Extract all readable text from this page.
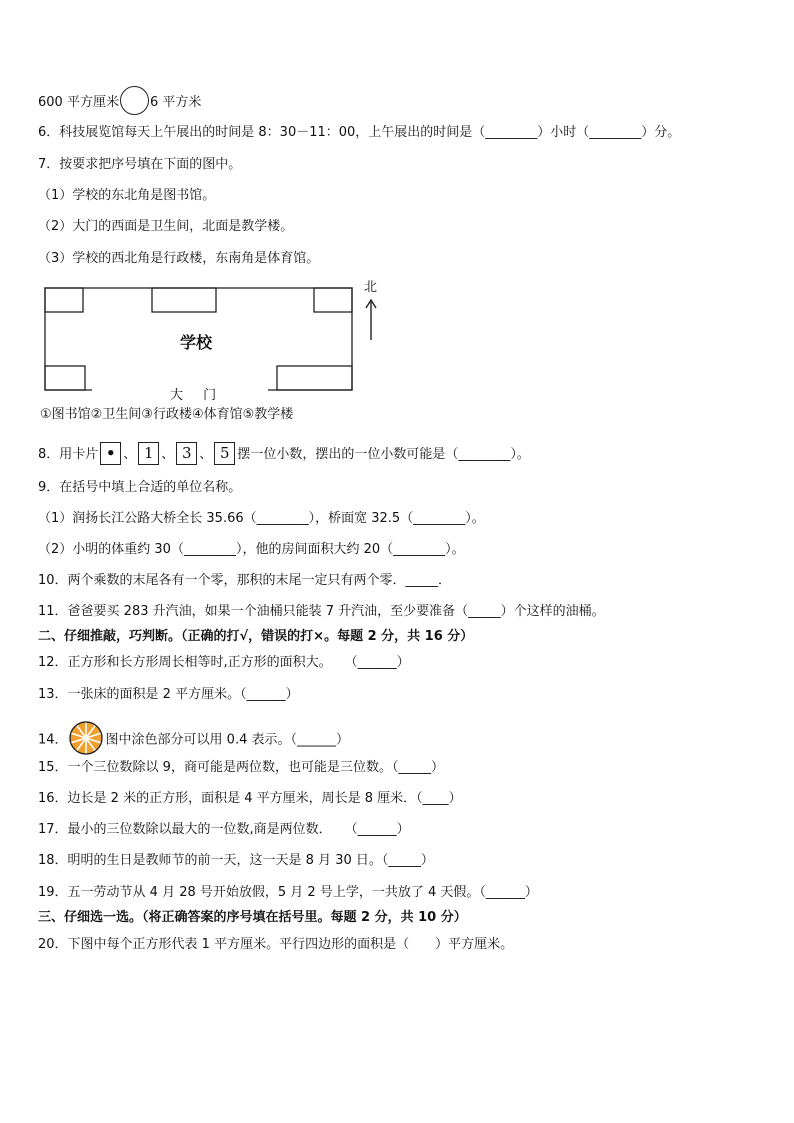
600 平方厘米 6 平方米
6．科技展览馆每天上午展出的时间是 8：30－11：00，上午展出的时间是（________）小时（________）分。
7．按要求把序号填在下面的图中。
（1）学校的东北角是图书馆。
（2）大门的西面是卫生间，北面是教学楼。
（3）学校的西北角是行政楼，东南角是体育馆。
学校
大 门
北
①图书馆②卫生间③行政楼④体育馆⑤教学楼
8．用卡片 • 、 1 、 3 、 5 摆一位小数，摆出的一位小数可能是（________）。
9．在括号中填上合适的单位名称。
（1）润扬长江公路大桥全长 35.66（________），桥面宽 32.5（________）。
（2）小明的体重约 30（________），他的房间面积大约 20（________）。
10．两个乘数的末尾各有一个零，那积的末尾一定只有两个零．_____．
11．爸爸要买 283 升汽油，如果一个油桶只能装 7 升汽油，至少要准备（_____）个这样的油桶。
二、仔细推敲，巧判断。（正确的打√，错误的打×。每题 2 分，共 16 分）
12．正方形和长方形周长相等时,正方形的面积大。　　（______）
13．一张床的面积是 2 平方厘米。（______）
14．	图中涂色部分可以用 0.4 表示。（______）
15．一个三位数除以 9，商可能是两位数，也可能是三位数。（_____）
16．边长是 2 米的正方形，面积是 4 平方厘米，周长是 8 厘米．（____）
17．最小的三位数除以最大的一位数,商是两位数．　　（______）
18．明明的生日是教师节的前一天，这一天是 8 月 30 日。（_____）
19．五一劳动节从 4 月 28 号开始放假，5 月 2 号上学，一共放了 4 天假。（______）
三、仔细选一选。（将正确答案的序号填在括号里。每题 2 分，共 10 分）
20．下图中每个正方形代表 1 平方厘米。平行四边形的面积是（　　）平方厘米。
